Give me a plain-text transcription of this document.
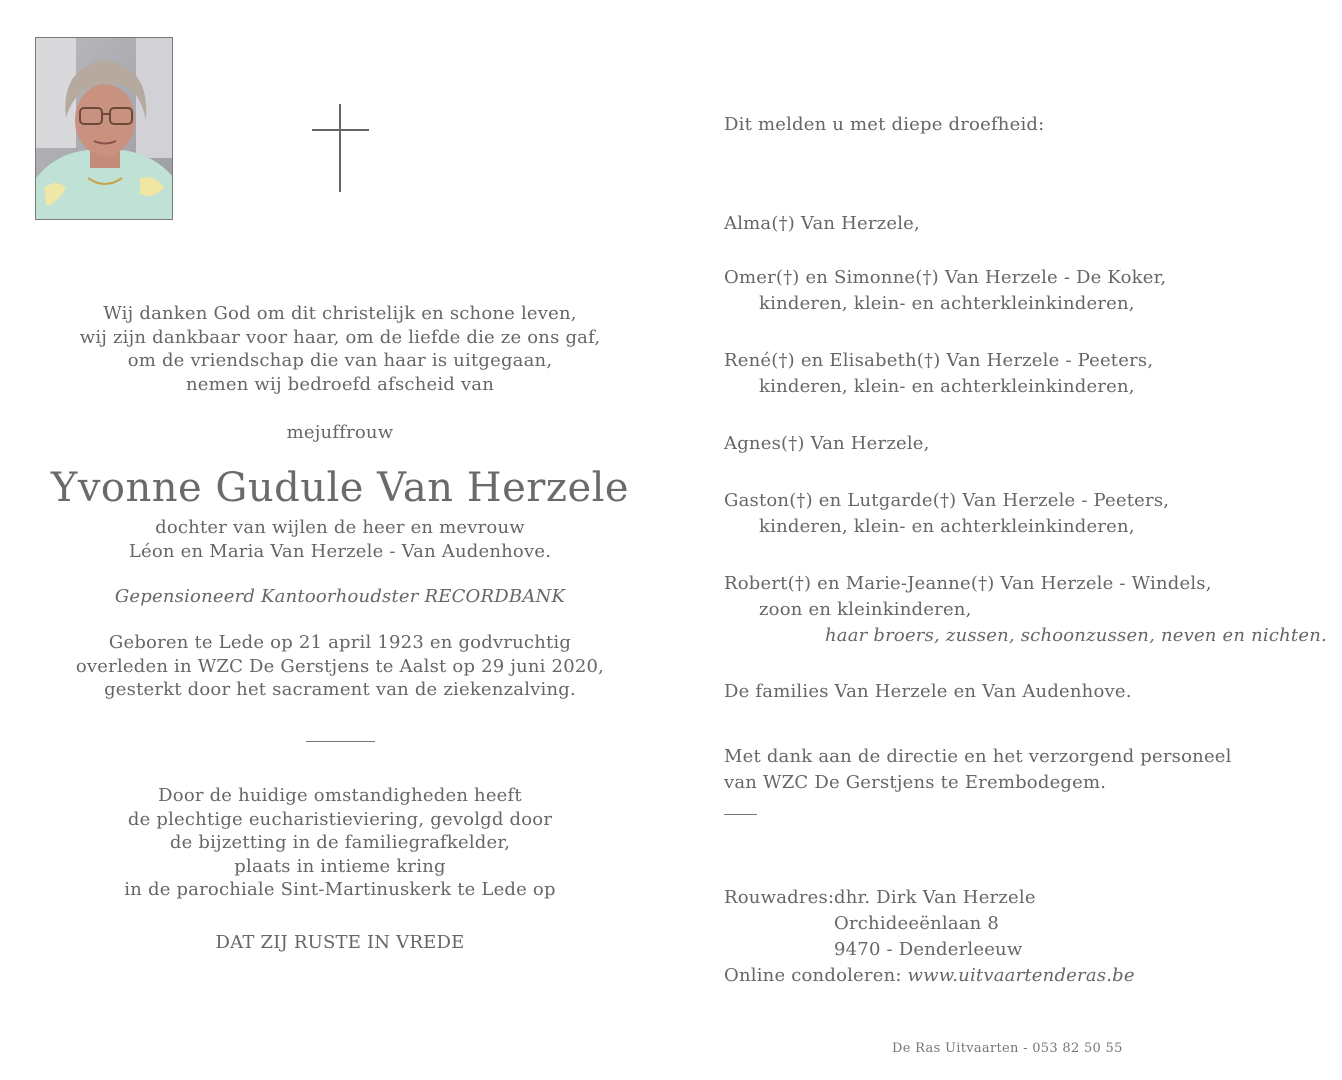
Wij danken God om dit christelijk en schone leven,
wij zijn dankbaar voor haar, om de liefde die ze ons gaf,
om de vriendschap die van haar is uitgegaan,
nemen wij bedroefd afscheid van
mejuffrouw
Yvonne Gudule Van Herzele
dochter van wijlen de heer en mevrouw
Léon en Maria Van Herzele - Van Audenhove.
Gepensioneerd Kantoorhoudster RECORDBANK
Geboren te Lede op 21 april 1923 en godvruchtig
overleden in WZC De Gerstjens te Aalst op 29 juni 2020,
gesterkt door het sacrament van de ziekenzalving.
Door de huidige omstandigheden heeft
de plechtige eucharistieviering, gevolgd door
de bijzetting in de familiegrafkelder,
plaats in intieme kring
in de parochiale Sint-Martinuskerk te Lede op
DAT ZIJ RUSTE IN VREDE
Dit melden u met diepe droefheid:
Alma(†) Van Herzele,
Omer(†) en Simonne(†) Van Herzele - De Koker,
kinderen, klein- en achterkleinkinderen,
René(†) en Elisabeth(†) Van Herzele - Peeters,
kinderen, klein- en achterkleinkinderen,
Agnes(†) Van Herzele,
Gaston(†) en Lutgarde(†) Van Herzele - Peeters,
kinderen, klein- en achterkleinkinderen,
Robert(†) en Marie-Jeanne(†) Van Herzele - Windels,
zoon en kleinkinderen,
haar broers, zussen, schoonzussen, neven en nichten.
De families Van Herzele en Van Audenhove.
Met dank aan de directie en het verzorgend personeel
van WZC De Gerstjens te Erembodegem.
Rouwadres: dhr. Dirk Van Herzele
Orchideeënlaan 8
9470 - Denderleeuw
Online condoleren: www.uitvaartenderas.be
De Ras Uitvaarten - 053 82 50 55
